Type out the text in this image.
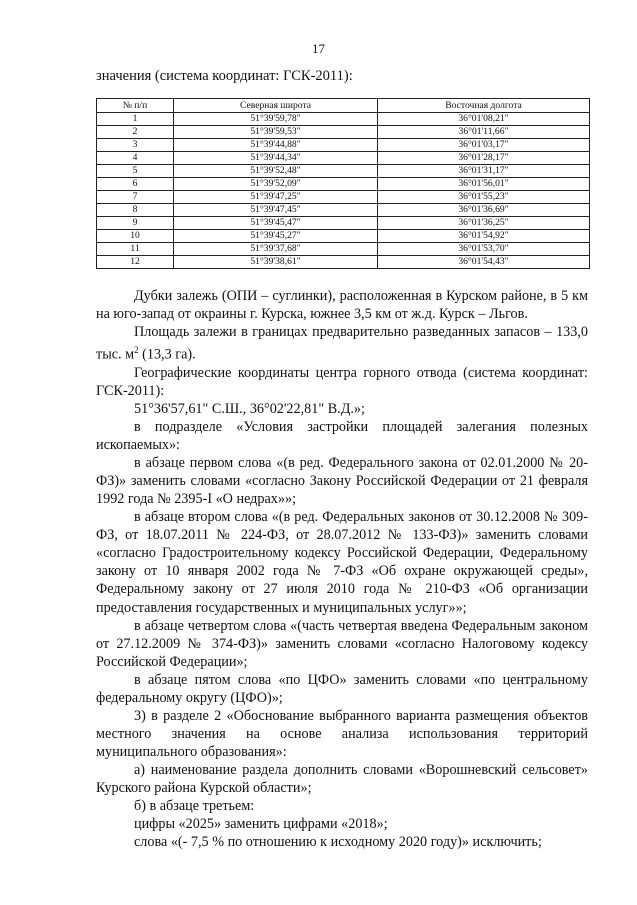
17
значения (система координат: ГСК-2011):
№ п/п	Северная широта	Восточная долгота
1	51°39'59,78"	36°01'08,21"
2	51°39'59,53"	36°01'11,66"
3	51°39'44,88"	36°01'03,17"
4	51°39'44,34"	36°01'28,17"
5	51°39'52,48"	36°01'31,17"
6	51°39'52,09"	36°01'56,01"
7	51°39'47,25"	36°01'55,23"
8	51°39'47,45"	36°01'36,69"
9	51°39'45,47"	36°01'36,25"
10	51°39'45,27"	36°01'54,92"
11	51°39'37,68"	36°01'53,70"
12	51°39'38,61"	36°01'54,43"

Дубки залежь (ОПИ – суглинки), расположенная в Курском районе, в 5 км на юго-запад от окраины г. Курска, южнее 3,5 км от ж.д. Курск – Льгов.

Площадь залежи в границах предварительно разведанных запасов – 133,0 тыс. $м^2$ (13,3 га).

Географические координаты центра горного отвода (система координат: ГСК-2011):

51°36'57,61" С.Ш., 36°02'22,81" В.Д.»;

в подразделе «Условия застройки площадей залегания полезных ископаемых»:

в абзаце первом слова «(в ред. Федерального закона от 02.01.2000 № 20-ФЗ)» заменить словами «согласно Закону Российской Федерации от 21 февраля 1992 года № 2395-I «О недрах»»;

в абзаце втором слова «(в ред. Федеральных законов от 30.12.2008 № 309-ФЗ, от 18.07.2011 № 224-ФЗ, от 28.07.2012 № 133-ФЗ)» заменить словами «согласно Градостроительному кодексу Российской Федерации, Федеральному закону от 10 января 2002 года № 7-ФЗ «Об охране окружающей среды», Федеральному закону от 27 июля 2010 года № 210-ФЗ «Об организации предоставления государственных и муниципальных услуг»»;

в абзаце четвертом слова «(часть четвертая введена Федеральным законом от 27.12.2009 № 374-ФЗ)» заменить словами «согласно Налоговому кодексу Российской Федерации»;

в абзаце пятом слова «по ЦФО» заменить словами «по центральному федеральному округу (ЦФО)»;

3) в разделе 2 «Обоснование выбранного варианта размещения объектов местного значения на основе анализа использования территорий муниципального образования»:

а) наименование раздела дополнить словами «Ворошневский сельсовет» Курского района Курской области»;

б) в абзаце третьем:

цифры «2025» заменить цифрами «2018»;

слова «(- 7,5 % по отношению к исходному 2020 году)» исключить;
